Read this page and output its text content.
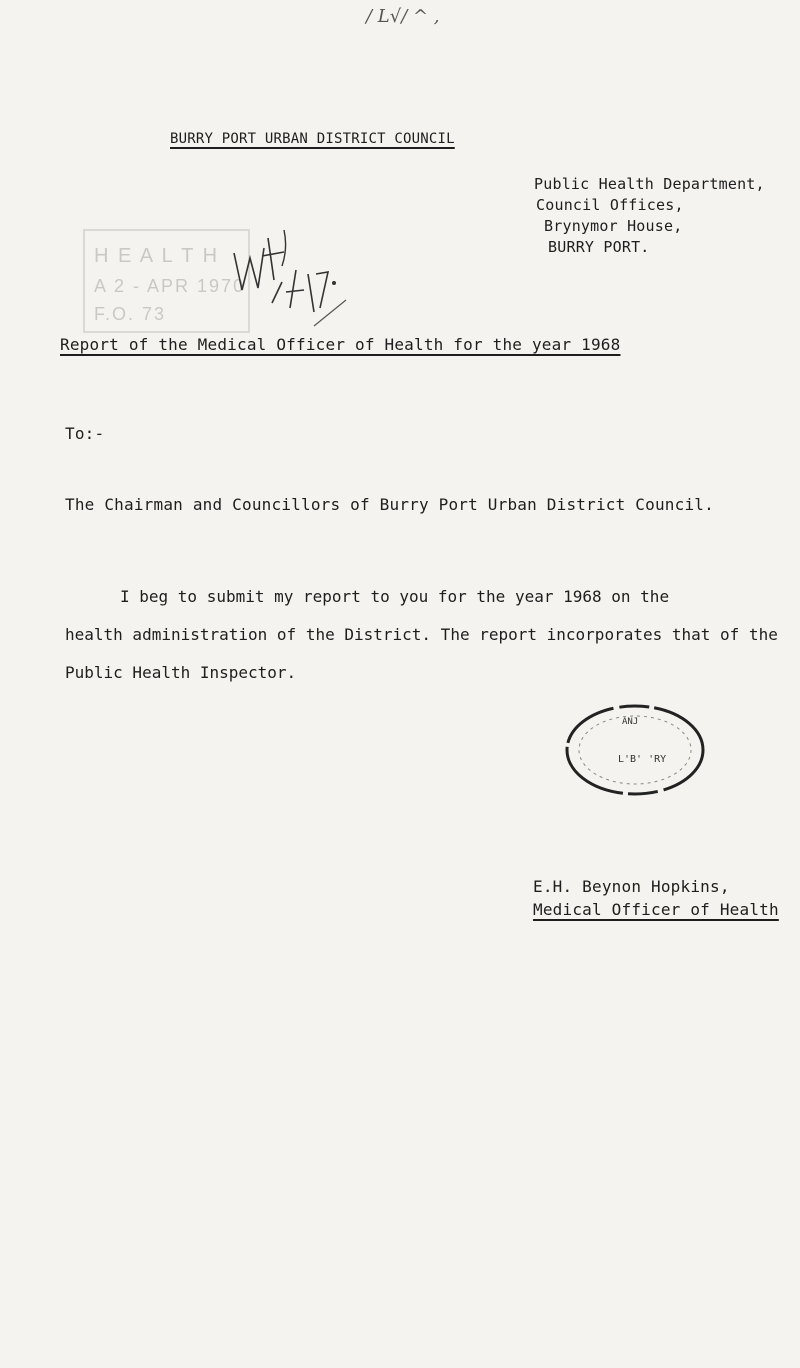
/ L√/ ^ ,
BURRY PORT URBAN DISTRICT COUNCIL
H E A L T H
A 2 - APR 1970
F.O. 73
Public Health Department,
Council Offices,
Brynymor House,
BURRY PORT.
Report of the Medical Officer of Health for the year 1968
To:-
The Chairman and Councillors of Burry Port Urban District Council.
I beg to submit my report to you for the year 1968 on the
health administration of the District. The report incorporates that of the
Public Health Inspector.
ANJ
L'B' 'RY
E.H. Beynon Hopkins,
Medical Officer of Health
